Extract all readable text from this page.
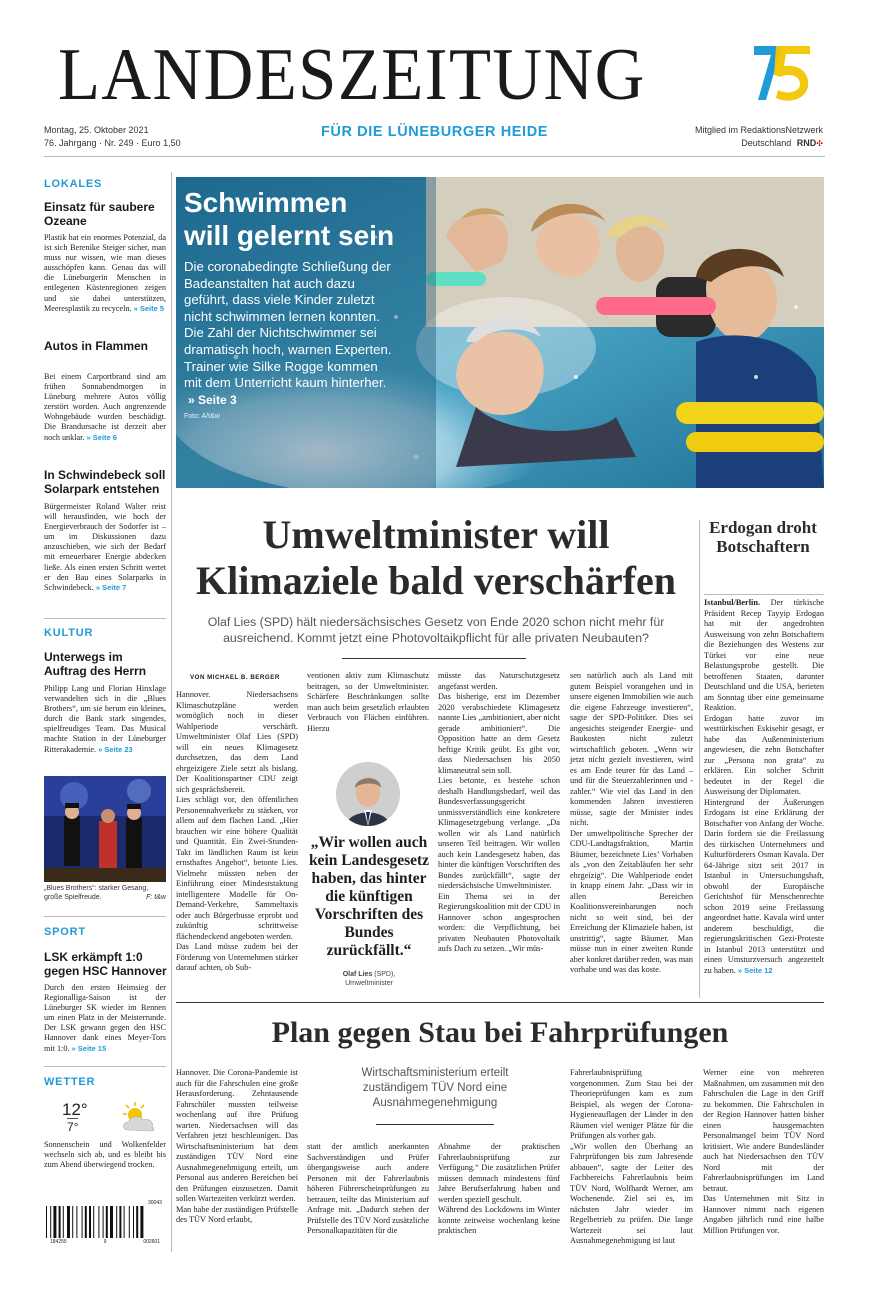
LANDESZEITUNG
Montag, 25. Oktober 2021
76. Jahrgang · Nr. 249 · Euro 1,50
FÜR DIE LÜNEBURGER HEIDE	Mitglied im RedaktionsNetzwerk
Deutschland RND✣
LOKALES
Einsatz für saubere Ozeane
Plastik hat ein enormes Potenzial, da ist sich Berenike Steiger sicher, man muss nur wissen, wie man dieses ausschöpfen kann. Genau das will die Lüneburgerin Menschen in entlegenen Küstenregionen zeigen und sie dabei unterstützen, Meeresplastik zu recyceln. » Seite 5
Autos in Flammen
Bei einem Carportbrand sind am frühen Sonnabendmorgen in Lüneburg mehrere Autos völlig zerstört worden. Auch angrenzende Wohngebäude wurden beschädigt. Die Brandursache ist derzeit aber noch unklar. » Seite 6
In Schwindebeck soll Solarpark entstehen
Bürgermeister Roland Walter reist will herausfinden, wie hoch der Energieverbrauch der Sodorfer ist – um im Diskussionen dazu anzuschieben, wie sich der Bedarf mit erneuerbarer Energie abdecken ließe. Als einen ersten Schritt wertet er den Bau eines Solarparks in Schwindebeck. » Seite 7
KULTUR
Unterwegs im Auftrag des Herrn
Philipp Lang und Florian Hinxlage verwandelten sich in die „Blues Brothers“, um sie herum ein kleines, durch die Bank stark singendes, spielfreudiges Team. Das Musical machte Station in der Lüneburger Ritterakademie. » Seite 23
„Blues Brothers“: starker Gesang, große Spielfreude.	F: t&w
SPORT
LSK erkämpft 1:0 gegen HSC Hannover
Durch den ersten Heimsieg der Regionalliga-Saison ist der Lüneburger SK wieder im Rennen um einen Platz in der Meisterrunde. Der LSK gewann gegen den HSC Hannover dank eines Meyer-Tors mit 1:0. » Seite 15
WETTER
12°
7°
Sonnenschein und Wolkenfelder wechseln sich ab, und es bleibt bis zum Abend überwiegend trocken.
30043
184255	9	002601
Schwimmen
will gelernt sein
Die coronabedingte Schließung der Badeanstalten hat auch dazu geführt, dass viele Kinder zuletzt nicht schwimmen lernen konnten. Die Zahl der Nichtschwimmer sei dramatisch hoch, warnen Experten. Trainer wie Silke Rogge kommen mit dem Unterricht kaum hinterher. » Seite 3
Foto: A/t&w
Umweltminister will
Klimaziele bald verschärfen
Olaf Lies (SPD) hält niedersächsisches Gesetz von Ende 2020 schon nicht mehr für ausreichend. Kommt jetzt eine Photovoltaikpflicht für alle privaten Neubauten?
VON MICHAEL B. BERGER
Hannover. Niedersachsens Klimaschutzpläne werden womöglich noch in dieser Wahlperiode verschärft. Umweltminister Olaf Lies (SPD) will ein neues Klimagesetz durchsetzen, das dem Land ehrgeizigere Ziele setzt als bislang. Der Koalitionspartner CDU zeigt sich gesprächsbereit.
Lies schlägt vor, den öffentlichen Personennahverkehr zu stärken, vor allem auf dem flachen Land. „Hier brauchen wir eine höhere Qualität und Quantität. Ein Zwei-Stunden-Takt im ländlichen Raum ist kein ernsthaftes Angebot“, betonte Lies. Vielmehr müssten neben der Einführung einer Mindeststaktung intelligentere Modelle für On-Demand-Verkehre, Sammeltaxis oder auch Bürgerbusse erprobt und zukünftig schrittweise flächendeckend angeboten werden.
Das Land müsse zudem bei der Förderung von Unternehmen stärker darauf achten, ob Sub-
ventionen aktiv zum Klimaschutz beitragen, so der Umweltminister. Schärfere Beschränkungen sollte man auch beim gesetzlich erlaubten Verbrauch von Flächen einführen. Hierzu
„Wir wollen auch kein Landesgesetz haben, das hinter die künftigen Vorschriften des Bundes zurückfällt.“
Olaf Lies (SPD),
Umweltminister
müsste das Naturschutzgesetz angefasst werden.
Das bisherige, erst im Dezember 2020 verabschiedete Klimagesetz nannte Lies „ambitioniert, aber nicht gerade ambitioniert“. Die Opposition hatte an dem Gesetz heftige Kritik geübt. Es gibt vor, dass Niedersachsen bis 2050 klimaneutral sein soll.
Lies betonte, es bestehe schon deshalb Handlungsbedarf, weil das Bundesverfassungsgericht unmissverständlich eine konkretere Klimagesetzgebung verlange. „Da wollen wir als Land natürlich unseren Teil beitragen. Wir wollen auch kein Landesgesetz haben, das hinter die künftigen Vorschriften des Bundes zurückfällt“, sagte der niedersächsische Umweltminister.
Ein Thema sei in der Regierungskoalition mit der CDU in Hannover schon angesprochen worden: die Verpflichtung, bei privaten Neubauten Photovoltaik aufs Dach zu setzen. „Wir müs-
sen natürlich auch als Land mit gutem Beispiel vorangehen und in unsere eigenen Immobilien wie auch die eigene Fahrzeuge investieren“, sagte der SPD-Politiker. Dies sei angesichts steigender Energie- und Baukosten nicht zuletzt wirtschaftlich geboten. „Wenn wir jetzt nicht gezielt investieren, wird es am Ende teurer für das Land – und für die Steuerzahlerinnen und -zahler.“ Wie viel das Land in den kommenden Jahren investieren müsse, sagte der Minister indes nicht.
Der umweltpolitische Sprecher der CDU-Landtagsfraktion, Martin Bäumer, bezeichnete Lies’ Vorhaben als „von den Zeitabläufen her sehr ehrgeizig“. Die Wahlperiode endet in knapp einem Jahr. „Dass wir in allen Bereichen Koalitionsvereinbarungen noch nicht so weit sind, bei der Erreichung der Klimaziele haben, ist unstrittig“, sagte Bäumer. Man müsse nun in einer zweiten Runde aber konkret darüber reden, was man vorhabe und was das koste.
Erdogan droht Botschaftern
Istanbul/Berlin. Der türkische Präsident Recep Tayyip Erdogan hat mit der angedrohten Ausweisung von zehn Botschaftern die Beziehungen des Westens zur Türkei vor eine neue Belastungsprobe gestellt. Die betroffenen Staaten, darunter Deutschland und die USA, berieten am Sonntag über eine gemeinsame Reaktion.
Erdogan hatte zuvor im westtürkischen Eskisehir gesagt, er habe das Außenministerium angewiesen, die zehn Botschafter zur „Persona non grata“ zu erklären. Ein solcher Schritt bedeutet in der Regel die Ausweisung der Diplomaten.
Hintergrund der Äußerungen Erdogans ist eine Erklärung der Botschafter von Anfang der Woche. Darin fordern sie die Freilassung des türkischen Unternehmers und Kulturförderers Osman Kavala. Der 64-Jährige sitzt seit 2017 in Istanbul in Untersuchungshaft, obwohl der Europäische Gerichtshof für Menschenrechte schon 2019 seine Freilassung angeordnet hatte. Kavala wird unter anderem beschuldigt, die regierungskritischen Gezi-Proteste in Istanbul 2013 unterstützt und einen Umsturzversuch angezettelt zu haben. » Seite 12
Plan gegen Stau bei Fahrprüfungen
Hannover. Die Corona-Pandemie ist auch für die Fahrschulen eine große Herausforderung. Zehntausende Fahrschüler mussten teilweise wochenlang auf ihre Prüfung warten. Niedersachsen will das Verfahren jetzt beschleunigen. Das Wirtschaftsministerium hat dem zuständigen TÜV Nord eine Ausnahmegenehmigung erteilt, um Personal aus anderen Bereichen bei den Prüfungen einzusetzen. Damit sollen Wartezeiten verkürzt werden.
Man habe der zuständigen Prüfstelle des TÜV Nord erlaubt,
Wirtschaftsministerium erteilt zuständigem TÜV Nord eine Ausnahmegenehmigung
statt der amtlich anerkannten Sachverständigen und Prüfer übergangsweise auch andere Personen mit der Fahrerlaubnis höheren Führerscheinprüfungen zu betrauen, teilte das Ministerium auf Anfrage mit. „Dadurch stehen der Prüfstelle des TÜV Nord zusätzliche Personalkapazitäten für die
Abnahme der praktischen Fahrerlaubnisprüfung zur Verfügung.“ Die zusätzlichen Prüfer müssen demnach mindestens fünf Jahre Berufserfahrung haben und werden speziell geschult.
Während des Lockdowns im Winter konnte zeitweise wochenlang keine praktischen
Fahrerlaubnisprüfung vorgenommen. Zum Stau bei der Theorieprüfungen kam es zum Beispiel, als wegen der Corona-Hygieneauflagen der Länder in den Räumen viel weniger Plätze für die Prüfungen als vorher gab.
„Wir wollen den Überhang an Fahrprüfungen bis zum Jahresende abbauen“, sagte der Leiter des Fachbereichs Fahrerlaubnis beim TÜV Nord, Wolfhardt Werner, am Wochenende. Ziel sei es, im nächsten Jahr wieder im Regelbetrieb zu prüfen. Die lange Wartezeit sei laut Ausnahmegenehmigung ist laut
Werner eine von mehreren Maßnahmen, um zusammen mit den Fahrschulen die Lage in den Griff zu bekommen. Die Fahrschulen in der Region Hannover hatten bisher einen hausgemachten Personalmangel beim TÜV Nord kritisiert. Wie andere Bundesländer auch hat Niedersachsen den TÜV Nord mit der Fahrerlaubnisprüfungen im Land betraut.
Das Unternehmen mit Sitz in Hannover nimmt nach eigenen Angaben jährlich rund eine halbe Million Prüfungen vor.
